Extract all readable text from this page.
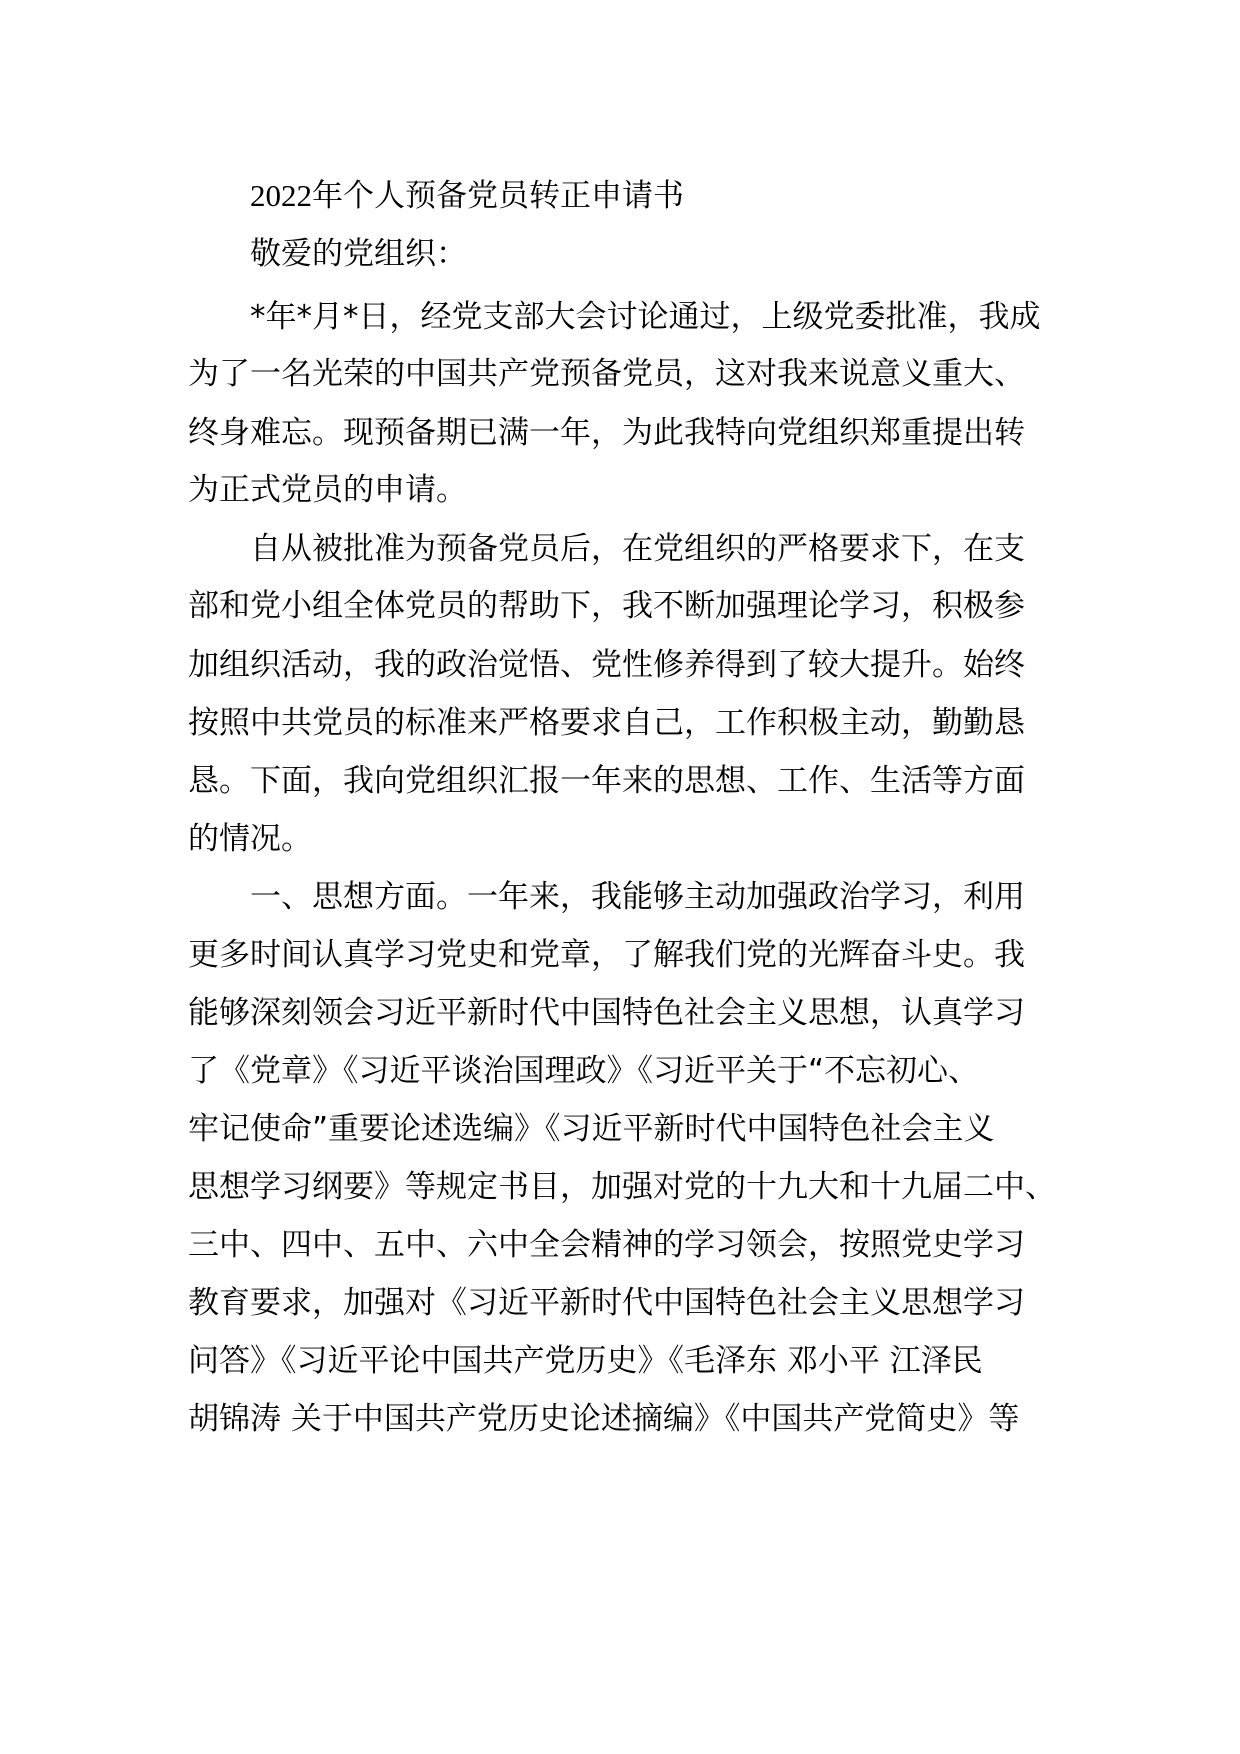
2022年个人预备党员转正申请书
敬爱的党组织：
*年*月*日，经党支部大会讨论通过，上级党委批准，我成
为了一名光荣的中国共产党预备党员，这对我来说意义重大、
终身难忘。现预备期已满一年，为此我特向党组织郑重提出转
为正式党员的申请。
自从被批准为预备党员后，在党组织的严格要求下，在支
部和党小组全体党员的帮助下，我不断加强理论学习，积极参
加组织活动，我的政治觉悟、党性修养得到了较大提升。始终
按照中共党员的标准来严格要求自己，工作积极主动，勤勤恳
恳。下面，我向党组织汇报一年来的思想、工作、生活等方面
的情况。
一、思想方面。一年来，我能够主动加强政治学习，利用
更多时间认真学习党史和党章，了解我们党的光辉奋斗史。我
能够深刻领会习近平新时代中国特色社会主义思想，认真学习
了《党章》《习近平谈治国理政》《习近平关于“不忘初心、
牢记使命”重要论述选编》《习近平新时代中国特色社会主义
思想学习纲要》等规定书目，加强对党的十九大和十九届二中、
三中、四中、五中、六中全会精神的学习领会，按照党史学习
教育要求，加强对《习近平新时代中国特色社会主义思想学习
问答》《习近平论中国共产党历史》《毛泽东 邓小平 江泽民
胡锦涛 关于中国共产党历史论述摘编》《中国共产党简史》等
